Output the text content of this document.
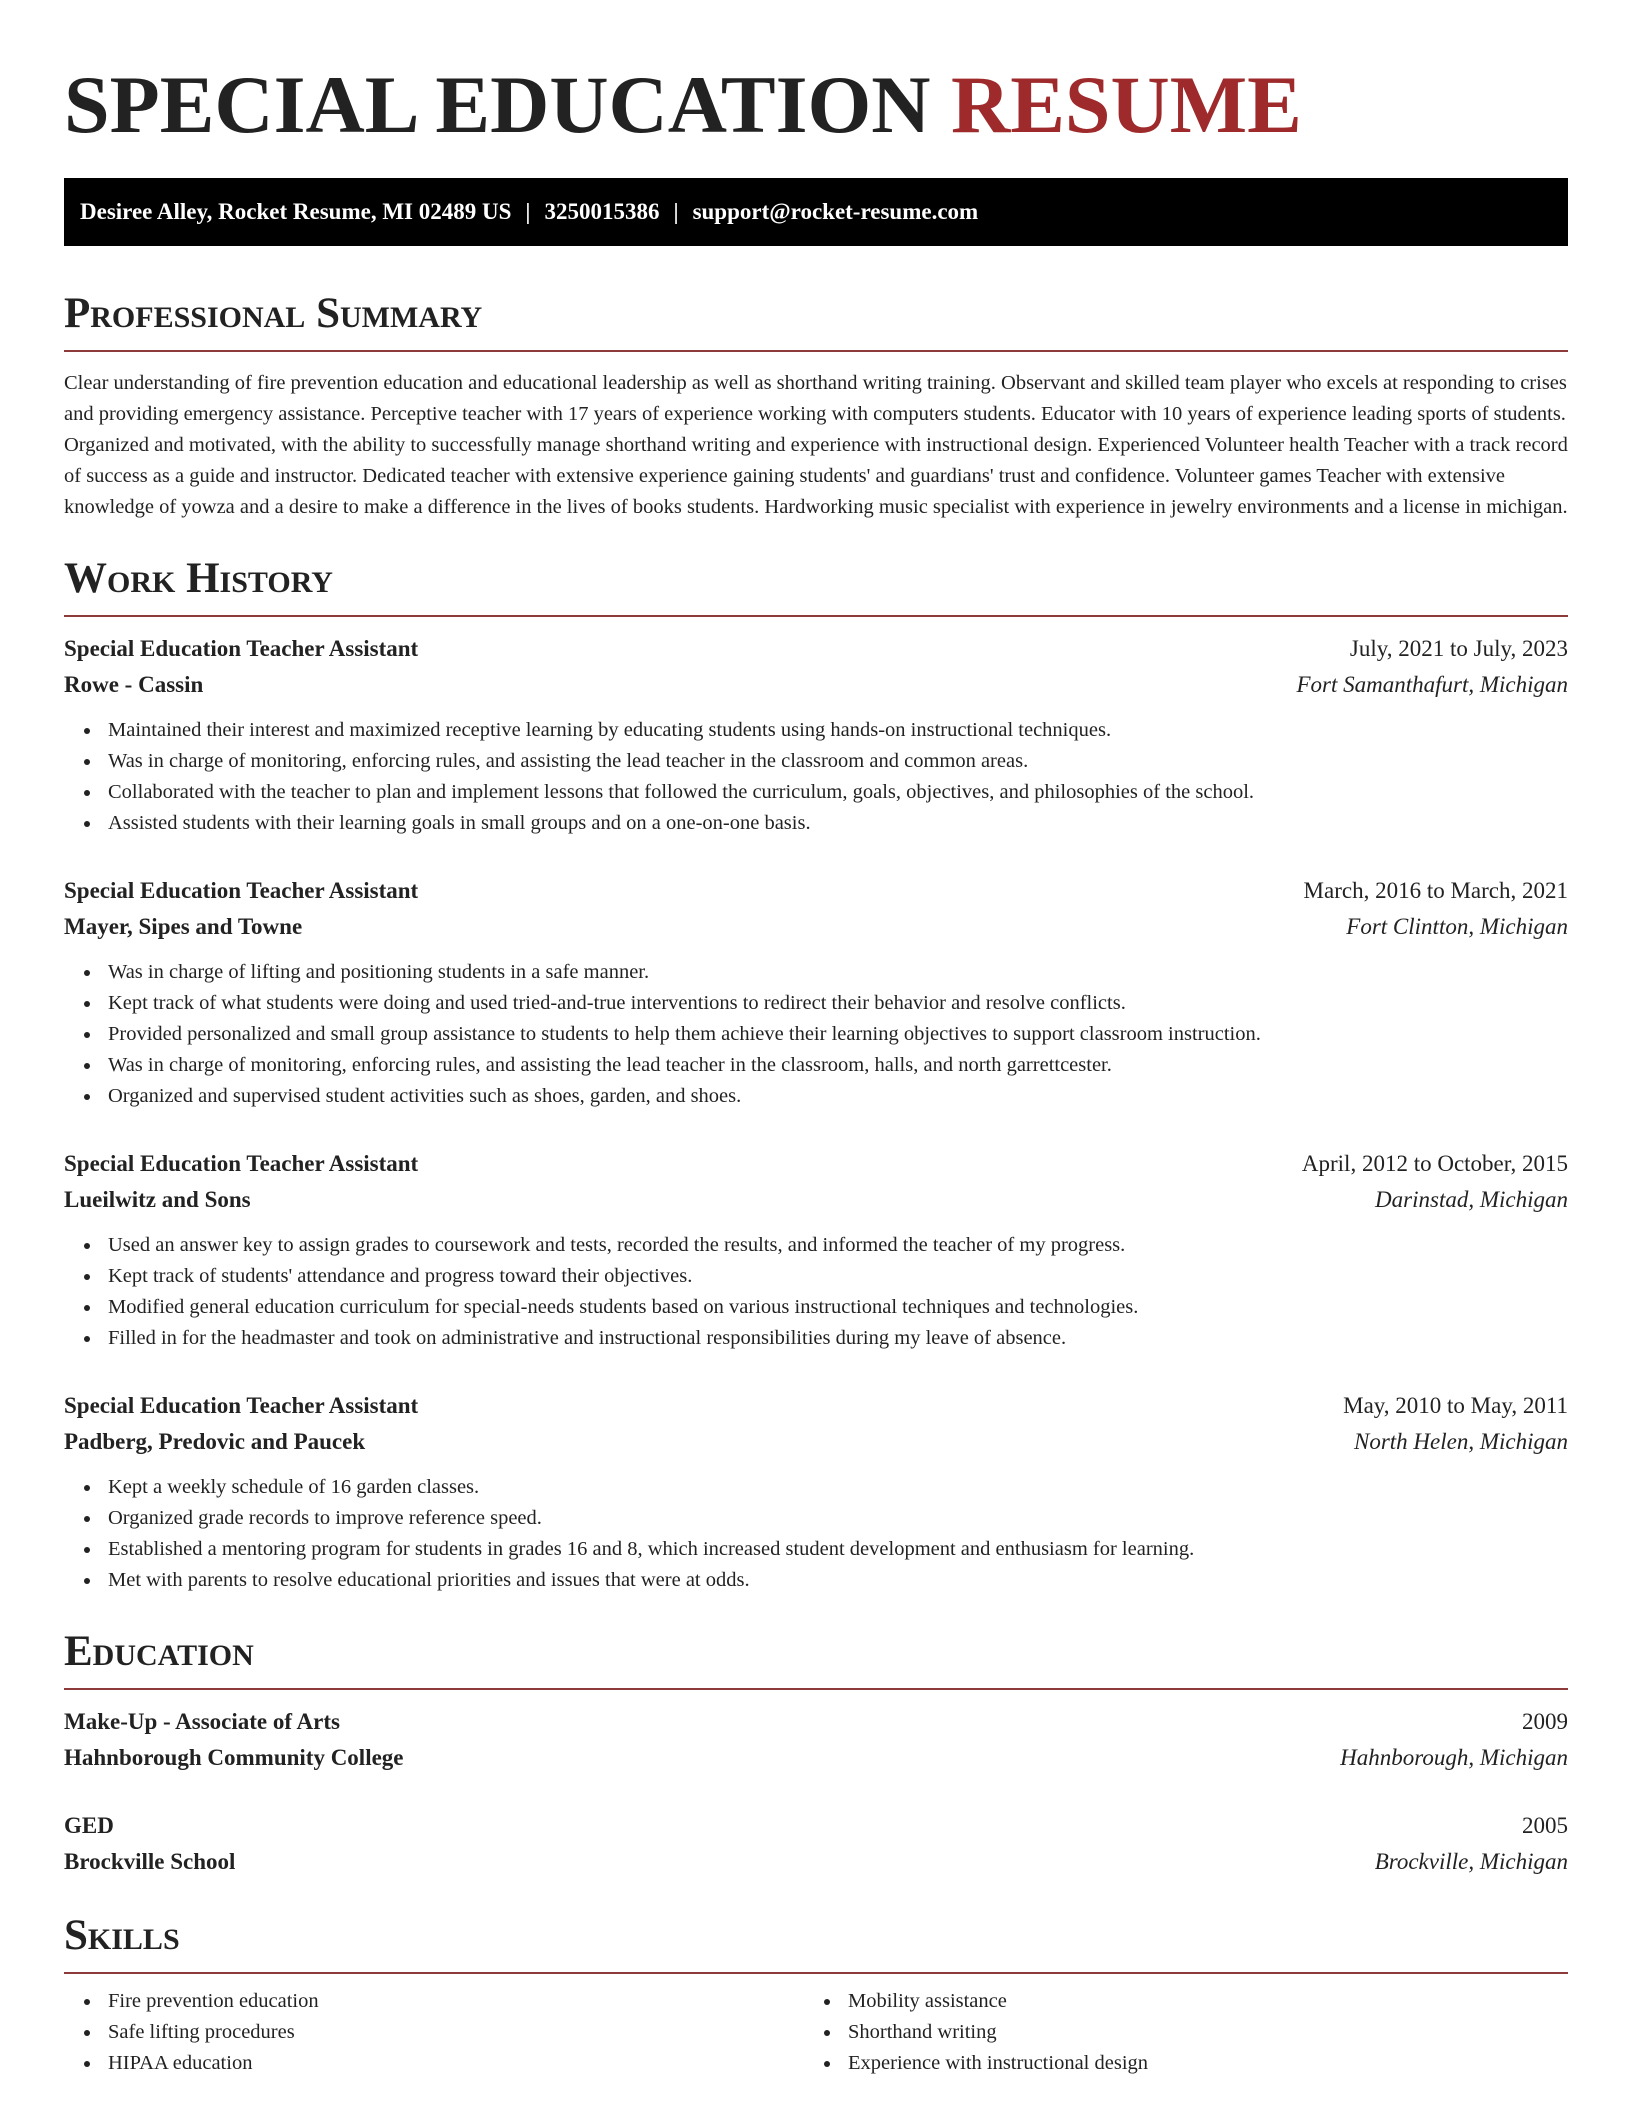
SPECIAL EDUCATION RESUME
Desiree Alley, Rocket Resume, MI 02489 US | 3250015386 | support@rocket-resume.com
Professional Summary

Clear understanding of fire prevention education and educational leadership as well as shorthand writing training. Observant and skilled team player who excels at responding to crises and providing emergency assistance. Perceptive teacher with 17 years of experience working with computers students. Educator with 10 years of experience leading sports of students. Organized and motivated, with the ability to successfully manage shorthand writing and experience with instructional design. Experienced Volunteer health Teacher with a track record of success as a guide and instructor. Dedicated teacher with extensive experience gaining students' and guardians' trust and confidence. Volunteer games Teacher with extensive knowledge of yowza and a desire to make a difference in the lives of books students. Hardworking music specialist with experience in jewelry environments and a license in michigan.

Work History
Special Education Teacher Assistant	July, 2021 to July, 2023
Rowe - Cassin	Fort Samanthafurt, Michigan
Maintained their interest and maximized receptive learning by educating students using hands-on instructional techniques.
Was in charge of monitoring, enforcing rules, and assisting the lead teacher in the classroom and common areas.
Collaborated with the teacher to plan and implement lessons that followed the curriculum, goals, objectives, and philosophies of the school.
Assisted students with their learning goals in small groups and on a one-on-one basis.
Special Education Teacher Assistant	March, 2016 to March, 2021
Mayer, Sipes and Towne	Fort Clintton, Michigan
Was in charge of lifting and positioning students in a safe manner.
Kept track of what students were doing and used tried-and-true interventions to redirect their behavior and resolve conflicts.
Provided personalized and small group assistance to students to help them achieve their learning objectives to support classroom instruction.
Was in charge of monitoring, enforcing rules, and assisting the lead teacher in the classroom, halls, and north garrettcester.
Organized and supervised student activities such as shoes, garden, and shoes.
Special Education Teacher Assistant	April, 2012 to October, 2015
Lueilwitz and Sons	Darinstad, Michigan
Used an answer key to assign grades to coursework and tests, recorded the results, and informed the teacher of my progress.
Kept track of students' attendance and progress toward their objectives.
Modified general education curriculum for special-needs students based on various instructional techniques and technologies.
Filled in for the headmaster and took on administrative and instructional responsibilities during my leave of absence.
Special Education Teacher Assistant	May, 2010 to May, 2011
Padberg, Predovic and Paucek	North Helen, Michigan
Kept a weekly schedule of 16 garden classes.
Organized grade records to improve reference speed.
Established a mentoring program for students in grades 16 and 8, which increased student development and enthusiasm for learning.
Met with parents to resolve educational priorities and issues that were at odds.
Education
Make-Up - Associate of Arts	2009
Hahnborough Community College	Hahnborough, Michigan
GED	2005
Brockville School	Brockville, Michigan
Skills
Fire prevention education
Safe lifting procedures
HIPAA education
Mobility assistance
Shorthand writing
Experience with instructional design
